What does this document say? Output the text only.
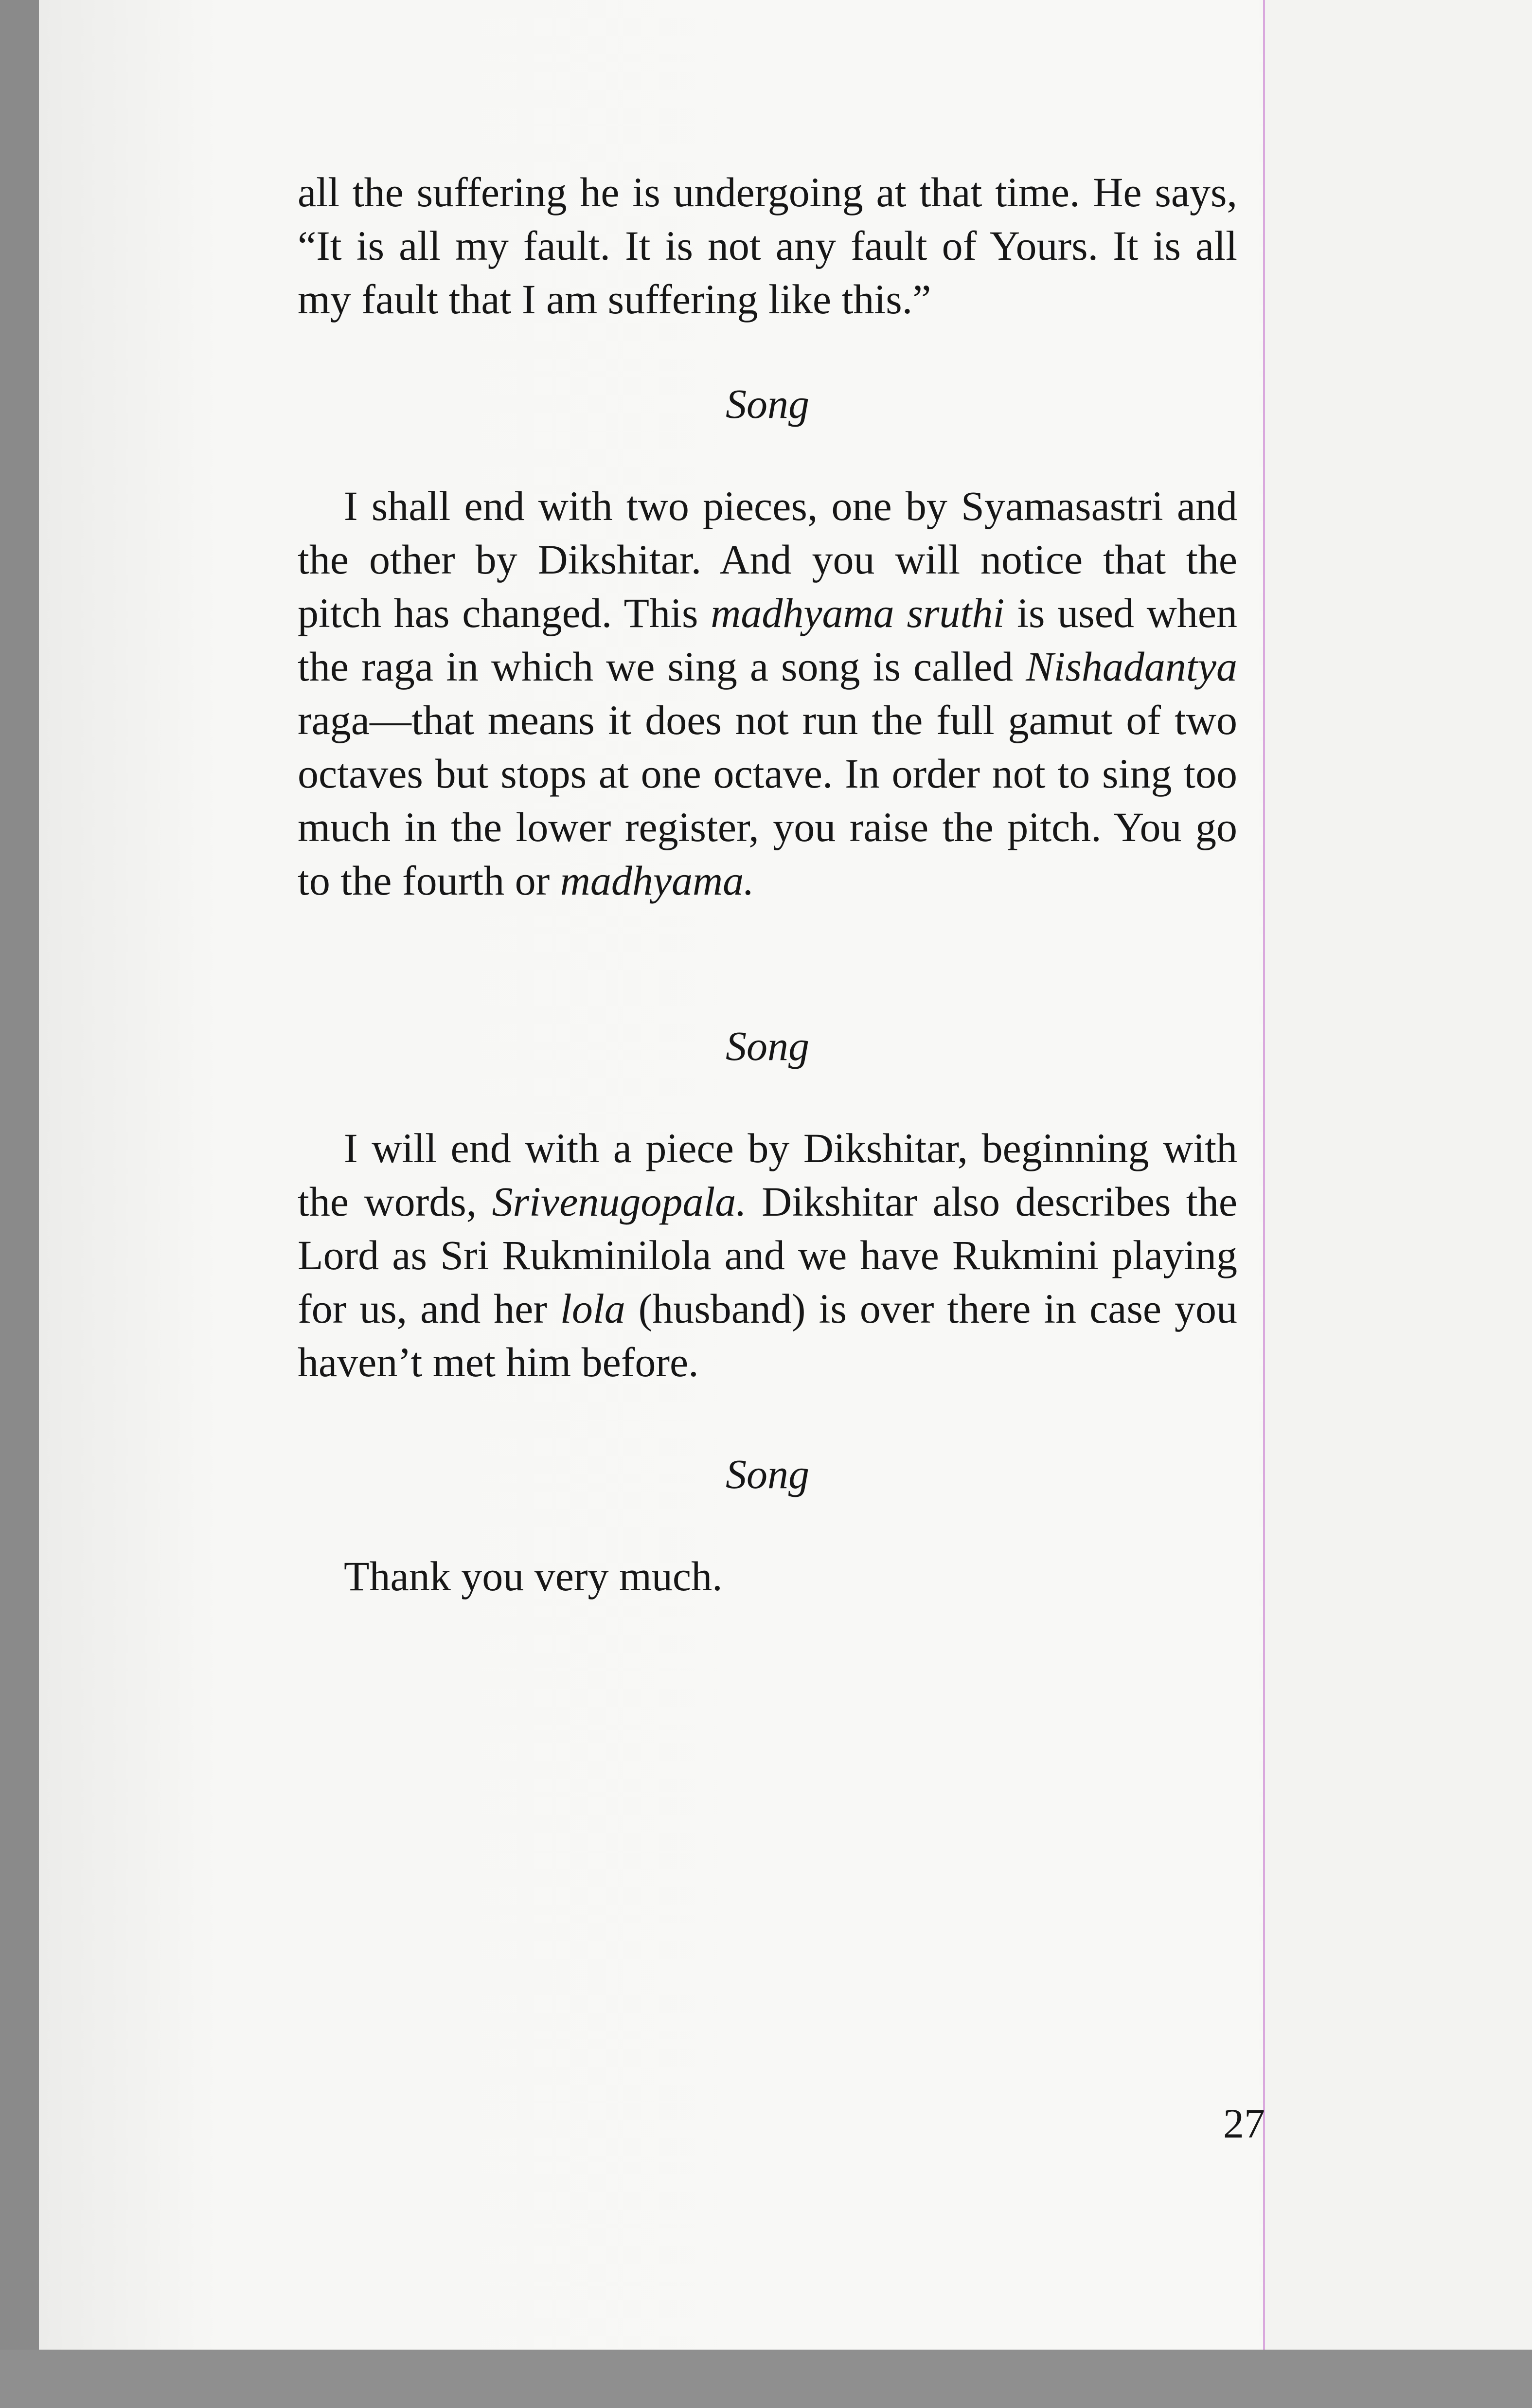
all the suffering he is undergoing at that time. He says, “It is all my fault. It is not any fault of Yours. It is all my fault that I am suffering like this.”

Song

I shall end with two pieces, one by Syamasastri and the other by Dikshitar. And you will notice that the pitch has changed. This madhyama sruthi is used when the raga in which we sing a song is called Nishadantya raga—that means it does not run the full gamut of two octaves but stops at one octave. In order not to sing too much in the lower register, you raise the pitch. You go to the fourth or madhyama.

Song

I will end with a piece by Dikshitar, beginning with the words, Srivenugopala. Dikshitar also describes the Lord as Sri Rukminilola and we have Rukmini playing for us, and her lola (husband) is over there in case you haven’t met him before.

Song

Thank you very much.

27
